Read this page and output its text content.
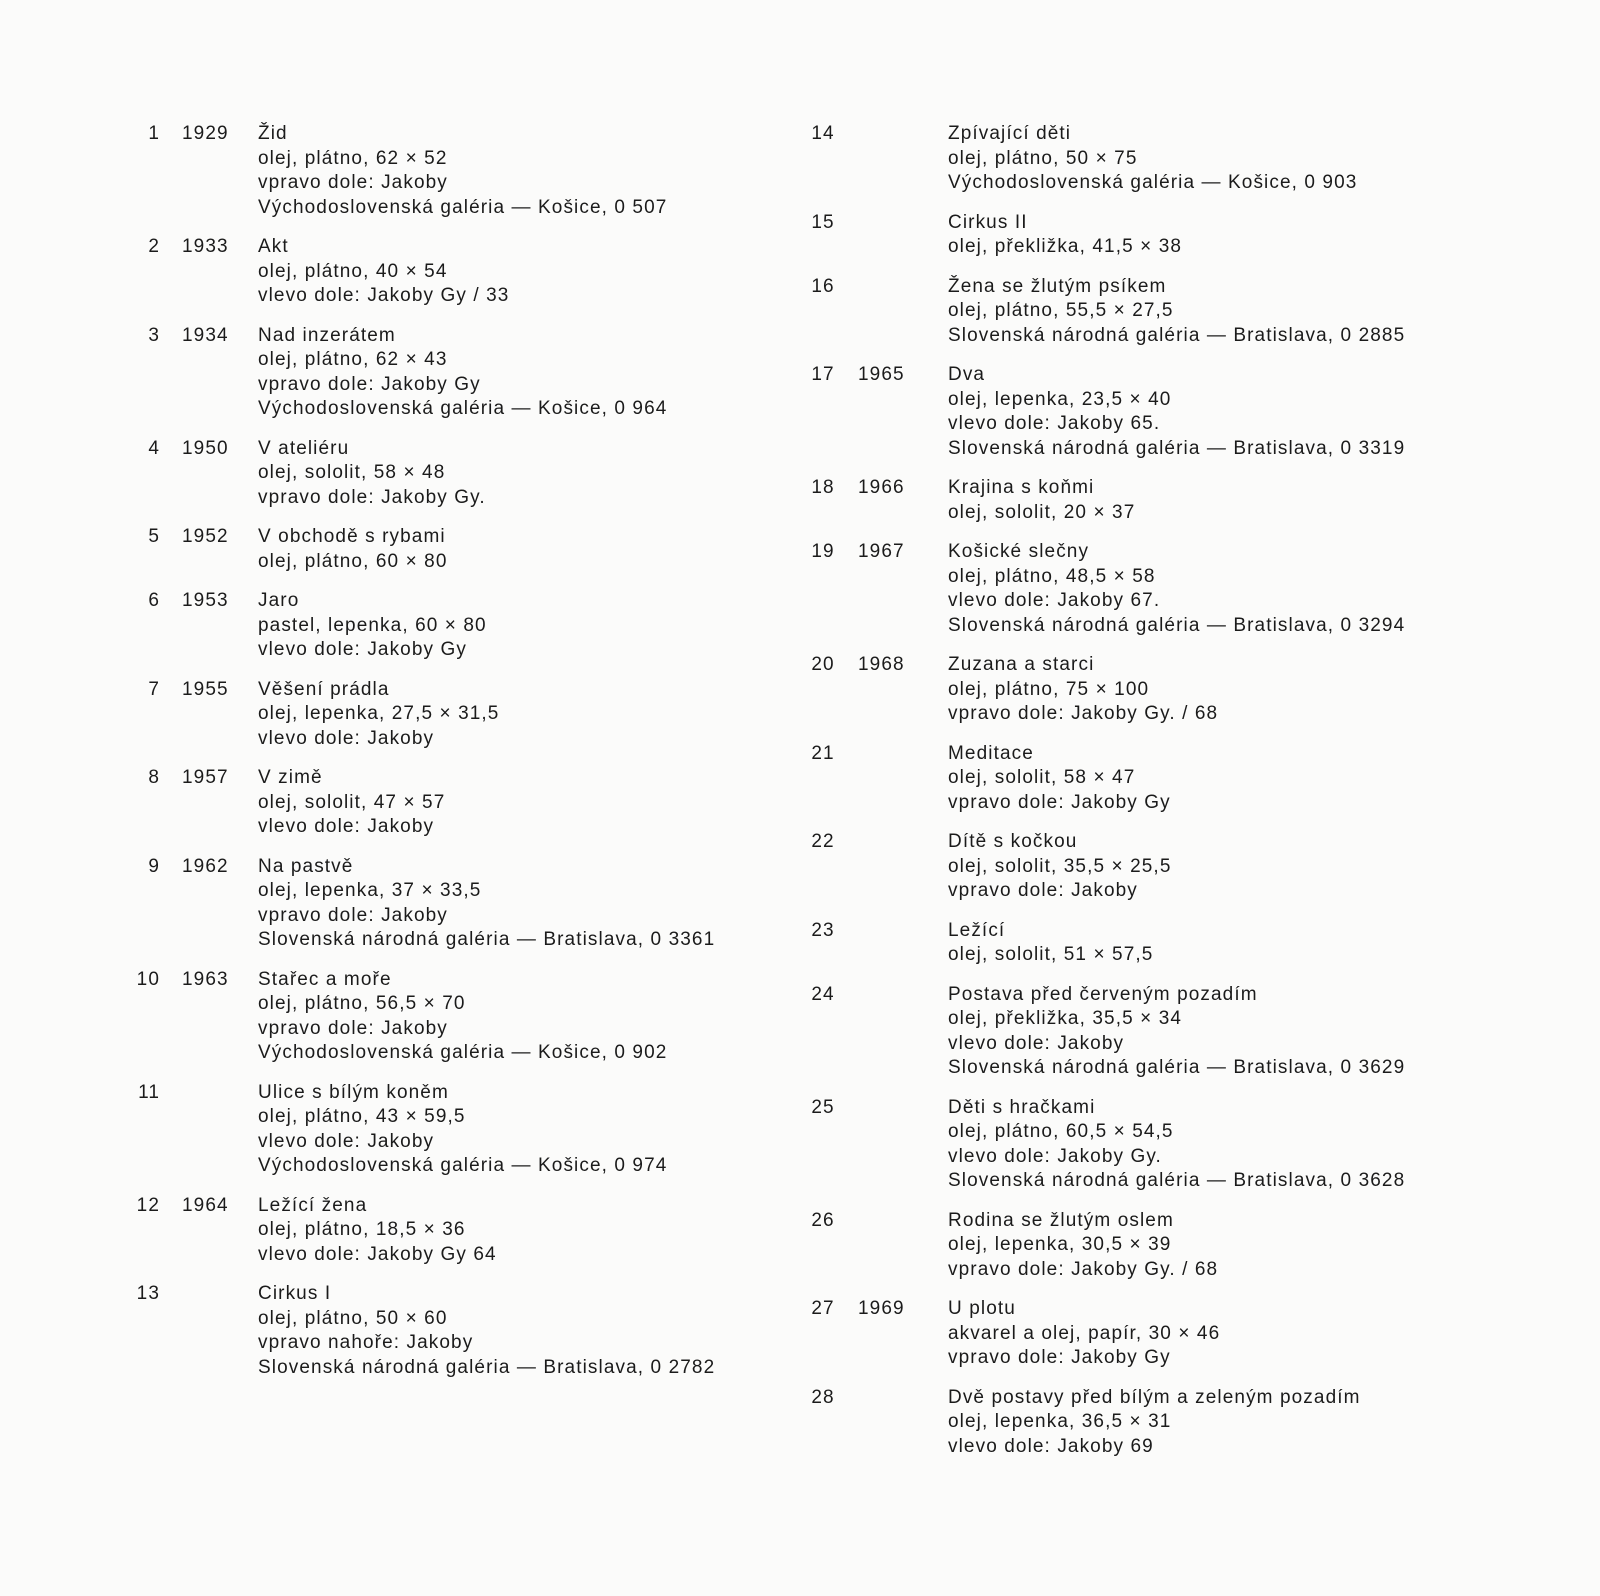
1 1929 Žid
olej, plátno, 62 × 52
vpravo dole: Jakoby
Východoslovenská galéria — Košice, 0 507
2 1933 Akt
olej, plátno, 40 × 54
vlevo dole: Jakoby Gy / 33
3 1934 Nad inzerátem
olej, plátno, 62 × 43
vpravo dole: Jakoby Gy
Východoslovenská galéria — Košice, 0 964
4 1950 V ateliéru
olej, sololit, 58 × 48
vpravo dole: Jakoby Gy.
5 1952 V obchodě s rybami
olej, plátno, 60 × 80
6 1953 Jaro
pastel, lepenka, 60 × 80
vlevo dole: Jakoby Gy
7 1955 Věšení prádla
olej, lepenka, 27,5 × 31,5
vlevo dole: Jakoby
8 1957 V zimě
olej, sololit, 47 × 57
vlevo dole: Jakoby
9 1962 Na pastvě
olej, lepenka, 37 × 33,5
vpravo dole: Jakoby
Slovenská národná galéria — Bratislava, 0 3361
10 1963 Stařec a moře
olej, plátno, 56,5 × 70
vpravo dole: Jakoby
Východoslovenská galéria — Košice, 0 902
11	Ulice s bílým koněm
olej, plátno, 43 × 59,5
vlevo dole: Jakoby
Východoslovenská galéria — Košice, 0 974
12 1964 Ležící žena
olej, plátno, 18,5 × 36
vlevo dole: Jakoby Gy 64
13	Cirkus I
olej, plátno, 50 × 60
vpravo nahoře: Jakoby
Slovenská národná galéria — Bratislava, 0 2782
14	Zpívající děti
olej, plátno, 50 × 75
Východoslovenská galéria — Košice, 0 903
15	Cirkus II
olej, překližka, 41,5 × 38
16	Žena se žlutým psíkem
olej, plátno, 55,5 × 27,5
Slovenská národná galéria — Bratislava, 0 2885
17 1965 Dva
olej, lepenka, 23,5 × 40
vlevo dole: Jakoby 65.
Slovenská národná galéria — Bratislava, 0 3319
18 1966 Krajina s koňmi
olej, sololit, 20 × 37
19 1967 Košické slečny
olej, plátno, 48,5 × 58
vlevo dole: Jakoby 67.
Slovenská národná galéria — Bratislava, 0 3294
20 1968 Zuzana a starci
olej, plátno, 75 × 100
vpravo dole: Jakoby Gy. / 68
21	Meditace
olej, sololit, 58 × 47
vpravo dole: Jakoby Gy
22	Dítě s kočkou
olej, sololit, 35,5 × 25,5
vpravo dole: Jakoby
23	Ležící
olej, sololit, 51 × 57,5
24	Postava před červeným pozadím
olej, překližka, 35,5 × 34
vlevo dole: Jakoby
Slovenská národná galéria — Bratislava, 0 3629
25	Děti s hračkami
olej, plátno, 60,5 × 54,5
vlevo dole: Jakoby Gy.
Slovenská národná galéria — Bratislava, 0 3628
26	Rodina se žlutým oslem
olej, lepenka, 30,5 × 39
vpravo dole: Jakoby Gy. / 68
27 1969 U plotu
akvarel a olej, papír, 30 × 46
vpravo dole: Jakoby Gy
28	Dvě postavy před bílým a zeleným pozadím
olej, lepenka, 36,5 × 31
vlevo dole: Jakoby 69
